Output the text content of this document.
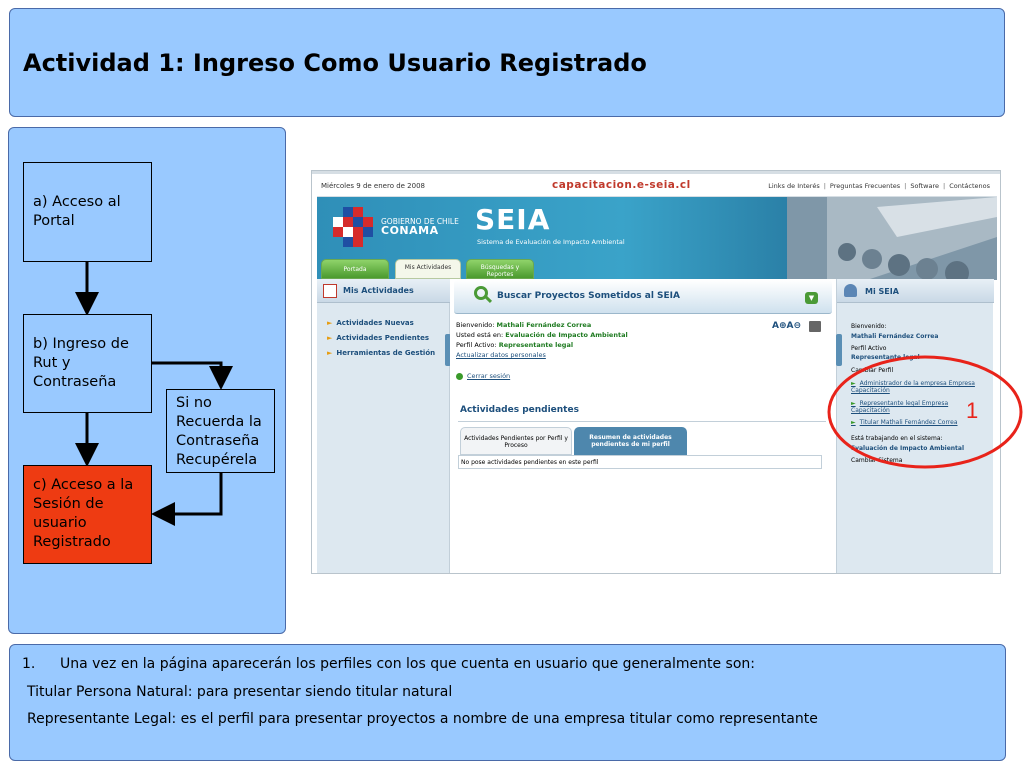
Actividad 1: Ingreso Como Usuario Registrado
a) Acceso al Portal
b) Ingreso de Rut y Contraseña
Si no Recuerda la Contraseña Recupérela
c) Acceso a la Sesión de usuario Registrado
Miércoles 9 de enero de 2008	capacitacion.e-seia.cl	Links de Interés | Preguntas Frecuentes | Software | Contáctenos
GOBIERNO DE CHILE
CONAMA	SEIA
Sistema de Evaluación de Impacto Ambiental
Portada	Mis Actividades	Búsquedas y Reportes
Mis Actividades
► Actividades Nuevas
► Actividades Pendientes
► Herramientas de Gestión
Buscar Proyectos Sometidos al SEIA	▼
Bienvenido: Mathali Fernández Correa
Usted está en: Evaluación de Impacto Ambiental
Perfil Activo: Representante legal
Actualizar datos personales
A⊕A⊖
Cerrar sesión
Actividades pendientes
Actividades Pendientes por Perfil y Proceso
Resumen de actividades pendientes de mi perfil
No pose actividades pendientes en este perfil
Mi SEIA
Bienvenido:
Mathali Fernández Correa
Perfil Activo
Representante legal
Cambiar Perfil
► Administrador de la empresa Empresa Capacitación
► Representante legal Empresa Capacitación
► Titular Mathali Fernández Correa
Está trabajando en el sistema:
Evaluación de Impacto Ambiental
Cambiar Sistema
1
1. Una vez en la página aparecerán los perfiles con los que cuenta en usuario que generalmente son:
Titular Persona Natural: para presentar siendo titular natural
Representante Legal: es el perfil para presentar proyectos a nombre de una empresa titular como representante
